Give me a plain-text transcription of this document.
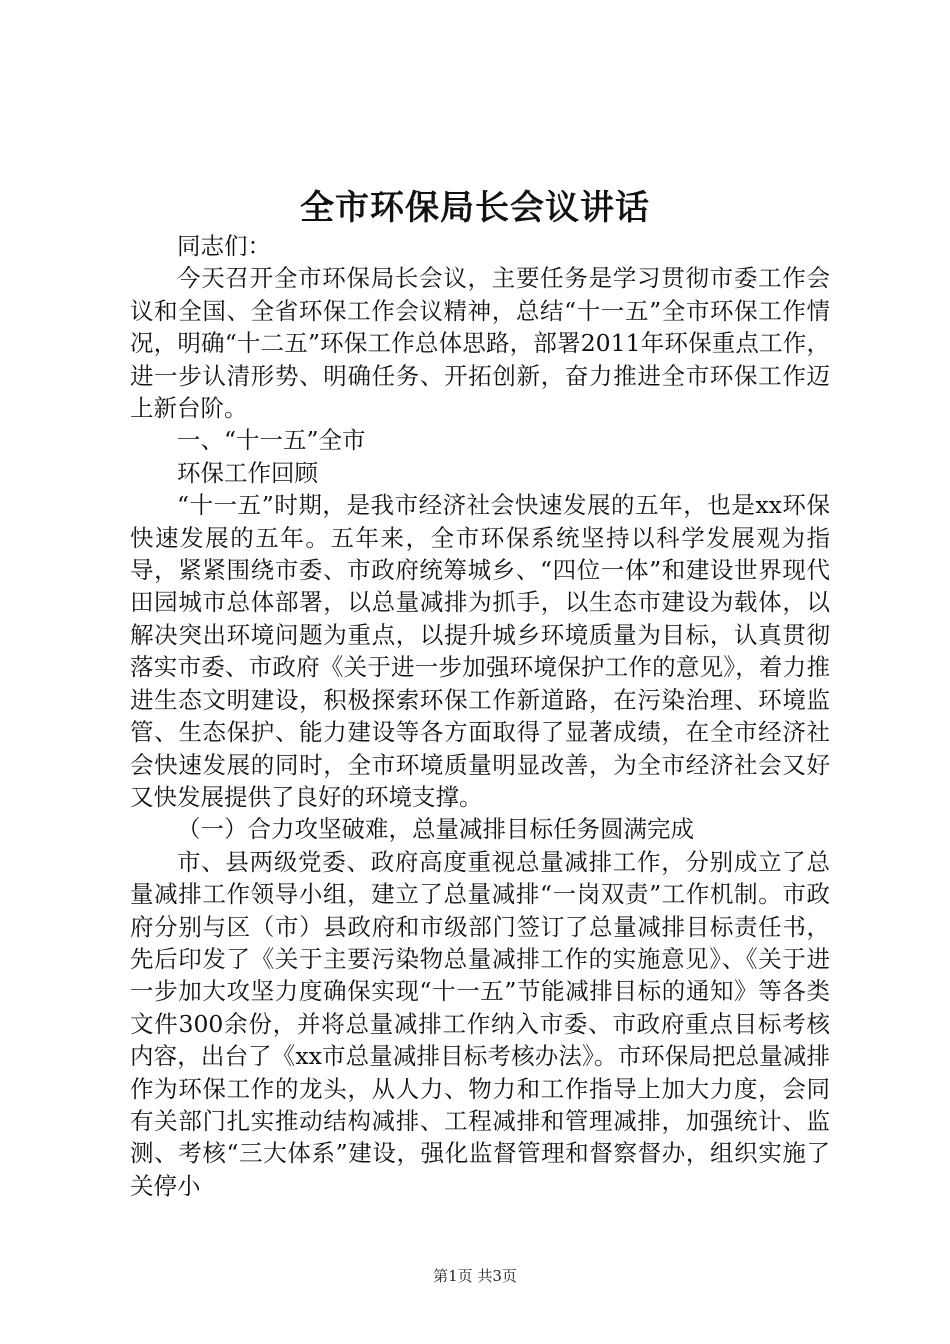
全市环保局长会议讲话

同志们：

今天召开全市环保局长会议，主要任务是学习贯彻市委工作会议和全国、全省环保工作会议精神，总结“十一五”全市环保工作情况，明确“十二五”环保工作总体思路，部署2011年环保重点工作，进一步认清形势、明确任务、开拓创新，奋力推进全市环保工作迈上新台阶。

一、“十一五”全市

环保工作回顾

“十一五”时期，是我市经济社会快速发展的五年，也是xx环保快速发展的五年。五年来，全市环保系统坚持以科学发展观为指导，紧紧围绕市委、市政府统筹城乡、“四位一体”和建设世界现代田园城市总体部署，以总量减排为抓手，以生态市建设为载体，以解决突出环境问题为重点，以提升城乡环境质量为目标，认真贯彻落实市委、市政府《关于进一步加强环境保护工作的意见》，着力推进生态文明建设，积极探索环保工作新道路，在污染治理、环境监管、生态保护、能力建设等各方面取得了显著成绩，在全市经济社会快速发展的同时，全市环境质量明显改善，为全市经济社会又好又快发展提供了良好的环境支撑。

（一）合力攻坚破难，总量减排目标任务圆满完成

市、县两级党委、政府高度重视总量减排工作，分别成立了总量减排工作领导小组，建立了总量减排“一岗双责”工作机制。市政府分别与区（市）县政府和市级部门签订了总量减排目标责任书，先后印发了《关于主要污染物总量减排工作的实施意见》、《关于进一步加大攻坚力度确保实现“十一五”节能减排目标的通知》等各类文件300余份，并将总量减排工作纳入市委、市政府重点目标考核内容，出台了《xx市总量减排目标考核办法》。市环保局把总量减排作为环保工作的龙头，从人力、物力和工作指导上加大力度，会同有关部门扎实推动结构减排、工程减排和管理减排，加强统计、监测、考核“三大体系”建设，强化监督管理和督察督办，组织实施了关停小

第1页 共3页
